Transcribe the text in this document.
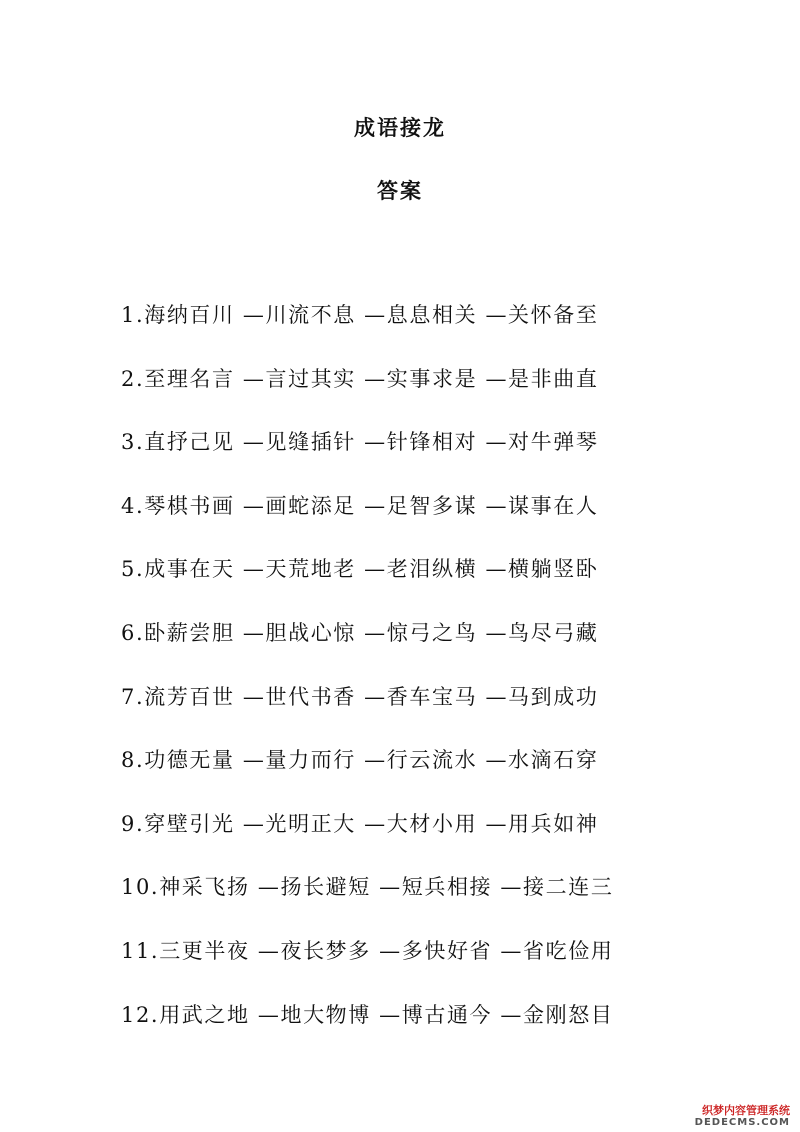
成语接龙
答案
1.海纳百川 —川流不息 —息息相关 —关怀备至
2.至理名言 —言过其实 —实事求是 —是非曲直
3.直抒己见 —见缝插针 —针锋相对 —对牛弹琴
4.琴棋书画 —画蛇添足 —足智多谋 —谋事在人
5.成事在天 —天荒地老 —老泪纵横 —横躺竖卧
6.卧薪尝胆 —胆战心惊 —惊弓之鸟 —鸟尽弓藏
7.流芳百世 —世代书香 —香车宝马 —马到成功
8.功德无量 —量力而行 —行云流水 —水滴石穿
9.穿壁引光 —光明正大 —大材小用 —用兵如神
10.神采飞扬 —扬长避短 —短兵相接 —接二连三
11.三更半夜 —夜长梦多 —多快好省 —省吃俭用
12.用武之地 —地大物博 —博古通今 —金刚怒目
织梦内容管理系统
DEDECMS.COM
